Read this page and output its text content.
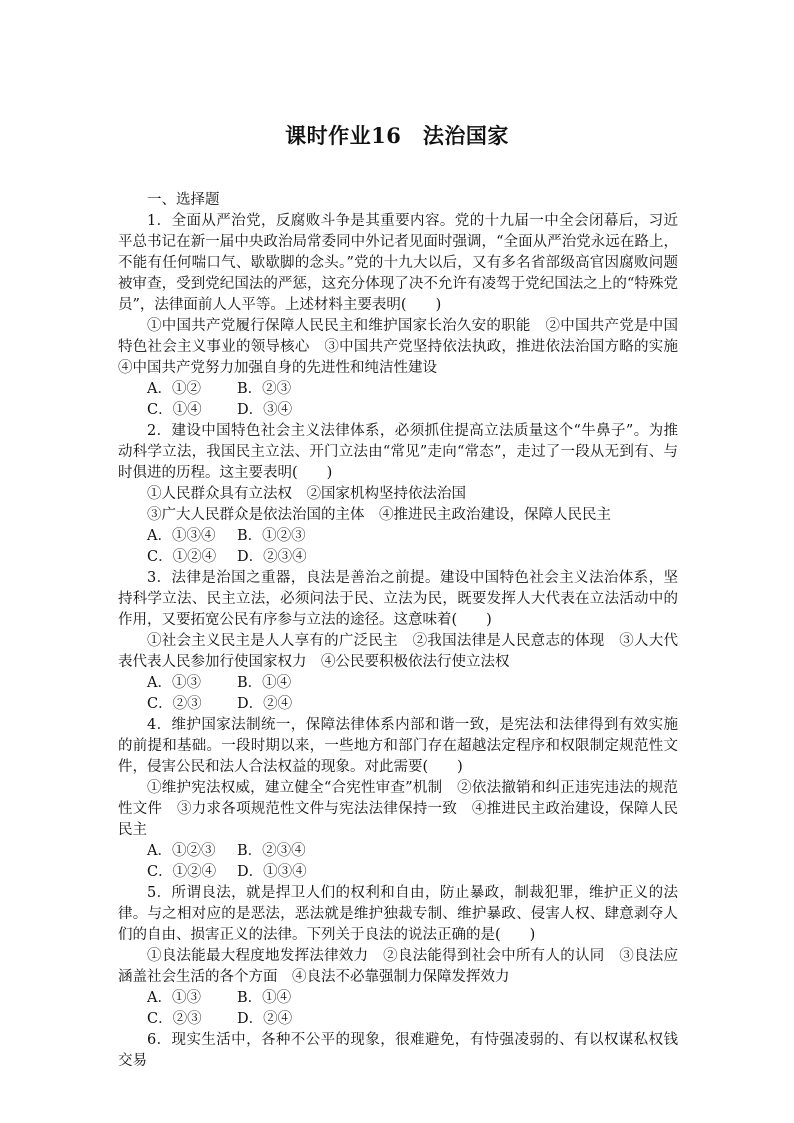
课时作业16　法治国家

一、选择题

1．全面从严治党，反腐败斗争是其重要内容。党的十九届一中全会闭幕后，习近平总书记在新一届中央政治局常委同中外记者见面时强调，“全面从严治党永远在路上，不能有任何喘口气、歇歇脚的念头。”党的十九大以后，又有多名省部级高官因腐败问题被审查，受到党纪国法的严惩，这充分体现了决不允许有凌驾于党纪国法之上的“特殊党员”，法律面前人人平等。上述材料主要表明(　　)

①中国共产党履行保障人民民主和维护国家长治久安的职能　②中国共产党是中国特色社会主义事业的领导核心　③中国共产党坚持依法执政，推进依法治国方略的实施　④中国共产党努力加强自身的先进性和纯洁性建设

A．①② B．②③

C．①④ D．③④

2．建设中国特色社会主义法律体系，必须抓住提高立法质量这个“牛鼻子”。为推动科学立法，我国民主立法、开门立法由“常见”走向“常态”，走过了一段从无到有、与时俱进的历程。这主要表明(　　)

①人民群众具有立法权　②国家机构坚持依法治国

③广大人民群众是依法治国的主体　④推进民主政治建设，保障人民民主

A．①③④ B．①②③

C．①②④ D．②③④

3．法律是治国之重器，良法是善治之前提。建设中国特色社会主义法治体系，坚持科学立法、民主立法，必须问法于民、立法为民，既要发挥人大代表在立法活动中的作用，又要拓宽公民有序参与立法的途径。这意味着(　　)

①社会主义民主是人人享有的广泛民主　②我国法律是人民意志的体现　③人大代表代表人民参加行使国家权力　④公民要积极依法行使立法权

A．①③ B．①④

C．②③ D．②④

4．维护国家法制统一，保障法律体系内部和谐一致，是宪法和法律得到有效实施的前提和基础。一段时期以来，一些地方和部门存在超越法定程序和权限制定规范性文件，侵害公民和法人合法权益的现象。对此需要(　　)

①维护宪法权威，建立健全“合宪性审查”机制　②依法撤销和纠正违宪违法的规范性文件　③力求各项规范性文件与宪法法律保持一致　④推进民主政治建设，保障人民民主

A．①②③ B．②③④

C．①②④ D．①③④

5．所谓良法，就是捍卫人们的权利和自由，防止暴政，制裁犯罪，维护正义的法律。与之相对应的是恶法，恶法就是维护独裁专制、维护暴政、侵害人权、肆意剥夺人们的自由、损害正义的法律。下列关于良法的说法正确的是(　　)

①良法能最大程度地发挥法律效力　②良法能得到社会中所有人的认同　③良法应涵盖社会生活的各个方面　④良法不必靠强制力保障发挥效力

A．①③ B．①④

C．②③ D．②④

6．现实生活中，各种不公平的现象，很难避免，有恃强凌弱的、有以权谋私权钱交易
